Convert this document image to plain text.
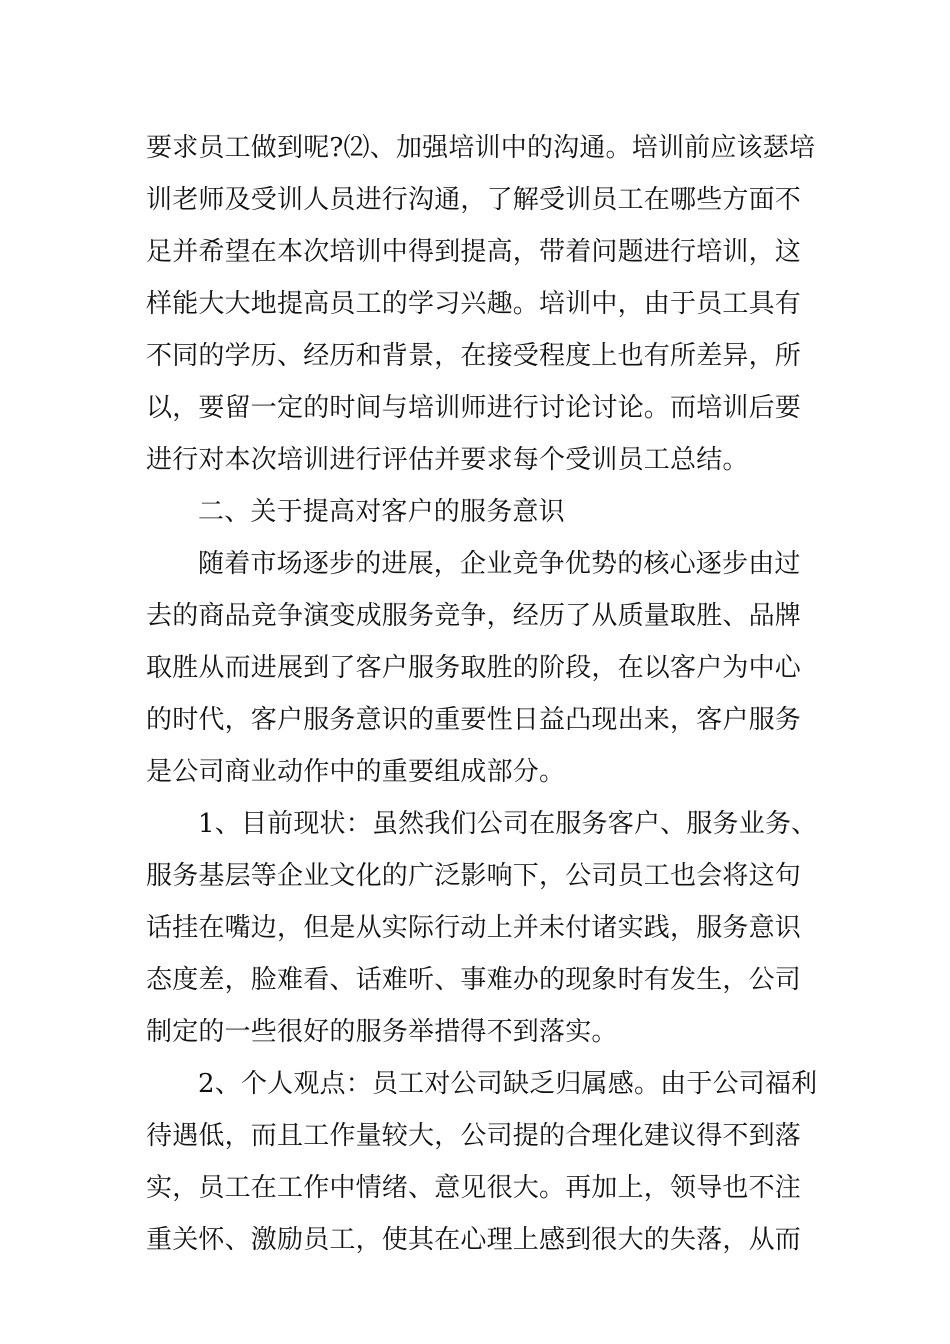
要求员工做到呢?⑵、加强培训中的沟通。培训前应该瑟培
训老师及受训人员进行沟通，了解受训员工在哪些方面不
足并希望在本次培训中得到提高，带着问题进行培训，这
样能大大地提高员工的学习兴趣。培训中，由于员工具有
不同的学历、经历和背景，在接受程度上也有所差异，所
以，要留一定的时间与培训师进行讨论讨论。而培训后要
进行对本次培训进行评估并要求每个受训员工总结。
二、关于提高对客户的服务意识
随着市场逐步的进展，企业竞争优势的核心逐步由过
去的商品竞争演变成服务竞争，经历了从质量取胜、品牌
取胜从而进展到了客户服务取胜的阶段，在以客户为中心
的时代，客户服务意识的重要性日益凸现出来，客户服务
是公司商业动作中的重要组成部分。
1、目前现状：虽然我们公司在服务客户、服务业务、
服务基层等企业文化的广泛影响下，公司员工也会将这句
话挂在嘴边，但是从实际行动上并未付诸实践，服务意识
态度差，脸难看、话难听、事难办的现象时有发生，公司
制定的一些很好的服务举措得不到落实。
2、个人观点：员工对公司缺乏归属感。由于公司福利
待遇低，而且工作量较大，公司提的合理化建议得不到落
实，员工在工作中情绪、意见很大。再加上，领导也不注
重关怀、激励员工，使其在心理上感到很大的失落，从而
